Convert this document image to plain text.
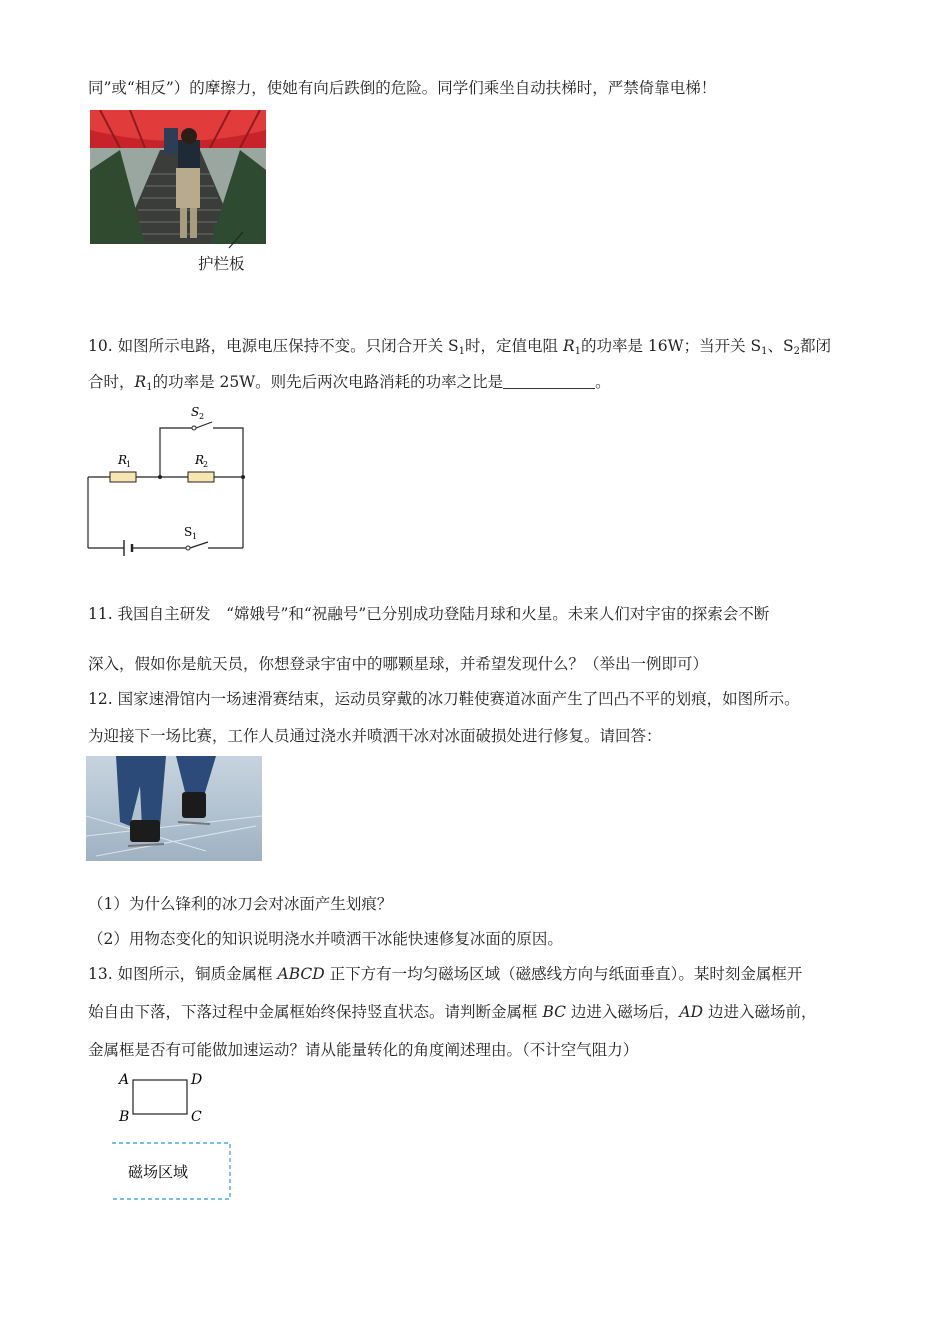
同”或“相反”）的摩擦力，使她有向后跌倒的危险。同学们乘坐自动扶梯时，严禁倚靠电梯！
护栏板
10. 如图所示电路，电源电压保持不变。只闭合开关 $S_1$时，定值电阻 $R_1$的功率是 16W；当开关 $S_1$、$S_2$都闭
合时，$R_1$的功率是 25W。则先后两次电路消耗的功率之比是	。
S 2
R
1	R
2
S 1
11. 我国自主研发　“嫦娥号”和“祝融号”已分别成功登陆月球和火星。未来人们对宇宙的探索会不断
深入，假如你是航天员，你想登录宇宙中的哪颗星球，并希望发现什么？（举出一例即可）
12. 国家速滑馆内一场速滑赛结束，运动员穿戴的冰刀鞋使赛道冰面产生了凹凸不平的划痕，如图所示。
为迎接下一场比赛，工作人员通过浇水并喷洒干冰对冰面破损处进行修复。请回答：
（1）为什么锋利的冰刀会对冰面产生划痕？
（2）用物态变化的知识说明浇水并喷洒干冰能快速修复冰面的原因。
13. 如图所示，铜质金属框 ABCD 正下方有一均匀磁场区域（磁感线方向与纸面垂直）。某时刻金属框开
始自由下落，下落过程中金属框始终保持竖直状态。请判断金属框 BC 边进入磁场后，AD 边进入磁场前，
金属框是否有可能做加速运动？请从能量转化的角度阐述理由。（不计空气阻力）
A	D
B	C
磁场区域
